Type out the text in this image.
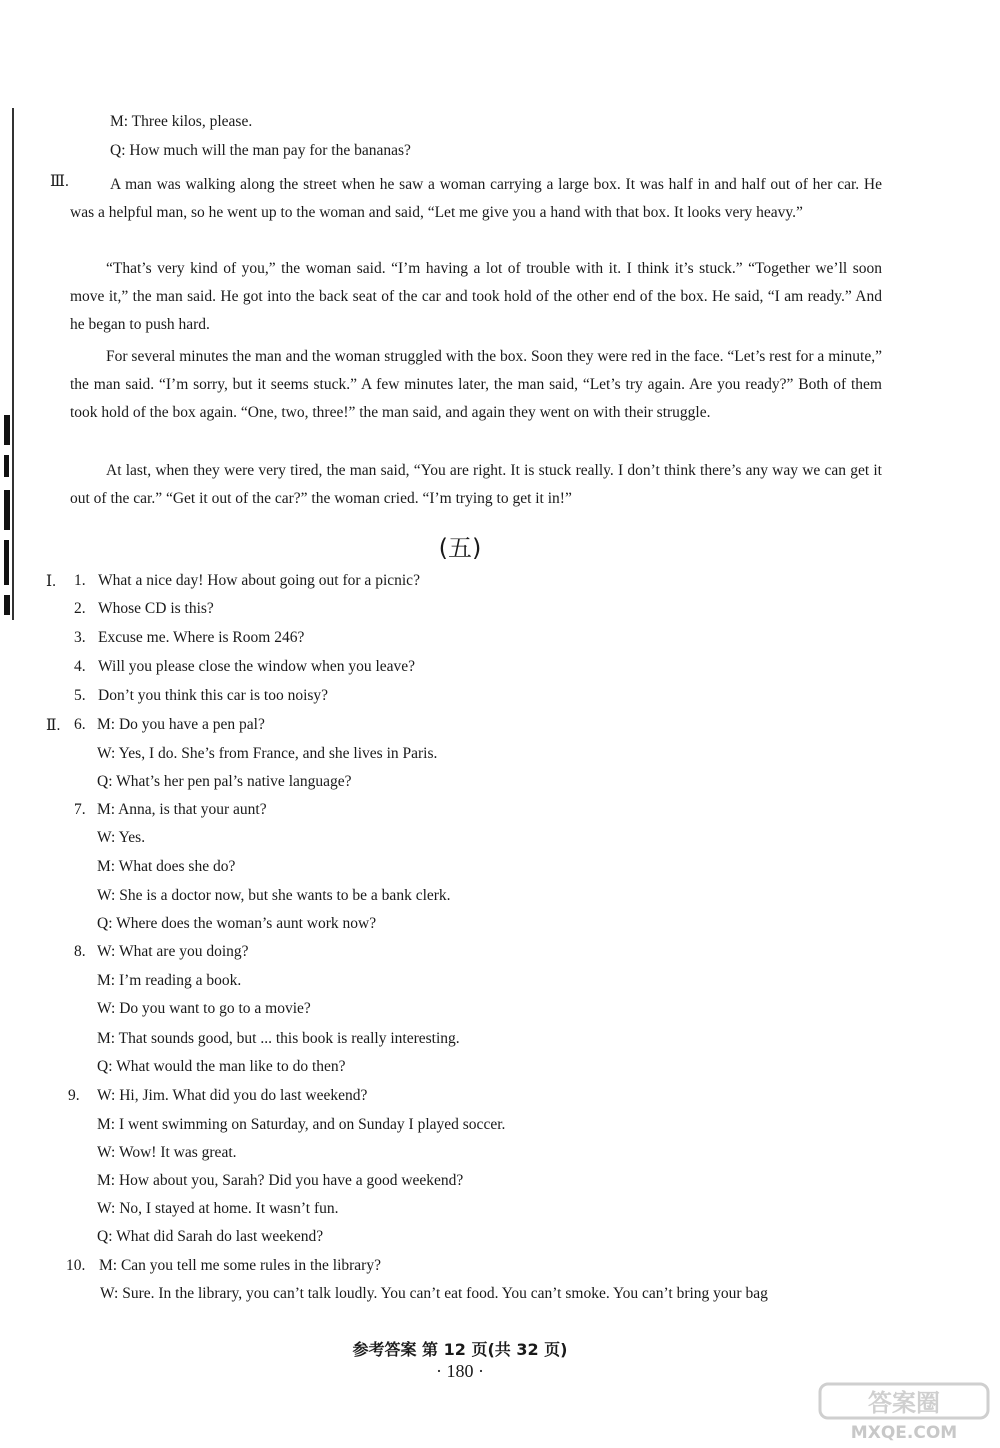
M: Three kilos, please.
Q: How much will the man pay for the bananas?
Ⅲ.	A man was walking along the street when he saw a woman carrying a large box. It was half in and half out of her car. He was a helpful man, so he went up to the woman and said, “Let me give you a hand with that box. It looks very heavy.”
“That’s very kind of you,” the woman said. “I’m having a lot of trouble with it. I think it’s stuck.” “Together we’ll soon move it,” the man said. He got into the back seat of the car and took hold of the other end of the box. He said, “I am ready.” And he began to push hard.
For several minutes the man and the woman struggled with the box. Soon they were red in the face. “Let’s rest for a minute,” the man said. “I’m sorry, but it seems stuck.” A few minutes later, the man said, “Let’s try again. Are you ready?” Both of them took hold of the box again. “One, two, three!” the man said, and again they went on with their struggle.
At last, when they were very tired, the man said, “You are right. It is stuck really. I don’t think there’s any way we can get it out of the car.” “Get it out of the car?” the woman cried. “I’m trying to get it in!”
(五)
Ⅰ. 1. What a nice day! How about going out for a picnic?
2. Whose CD is this?
3. Excuse me. Where is Room 246?
4. Will you please close the window when you leave?
5. Don’t you think this car is too noisy?
Ⅱ. 6. M: Do you have a pen pal?
W: Yes, I do. She’s from France, and she lives in Paris.
Q: What’s her pen pal’s native language?
7. M: Anna, is that your aunt?
W: Yes.
M: What does she do?
W: She is a doctor now, but she wants to be a bank clerk.
Q: Where does the woman’s aunt work now?
8. W: What are you doing?
M: I’m reading a book.
W: Do you want to go to a movie?
M: That sounds good, but ... this book is really interesting.
Q: What would the man like to do then?
9. W: Hi, Jim. What did you do last weekend?
M: I went swimming on Saturday, and on Sunday I played soccer.
W: Wow! It was great.
M: How about you, Sarah? Did you have a good weekend?
W: No, I stayed at home. It wasn’t fun.
Q: What did Sarah do last weekend?
10. M: Can you tell me some rules in the library?
W: Sure. In the library, you can’t talk loudly. You can’t eat food. You can’t smoke. You can’t bring your bag
参考答案 第 12 页(共 32 页)
· 180 ·
答案圈
MXQE.COM
